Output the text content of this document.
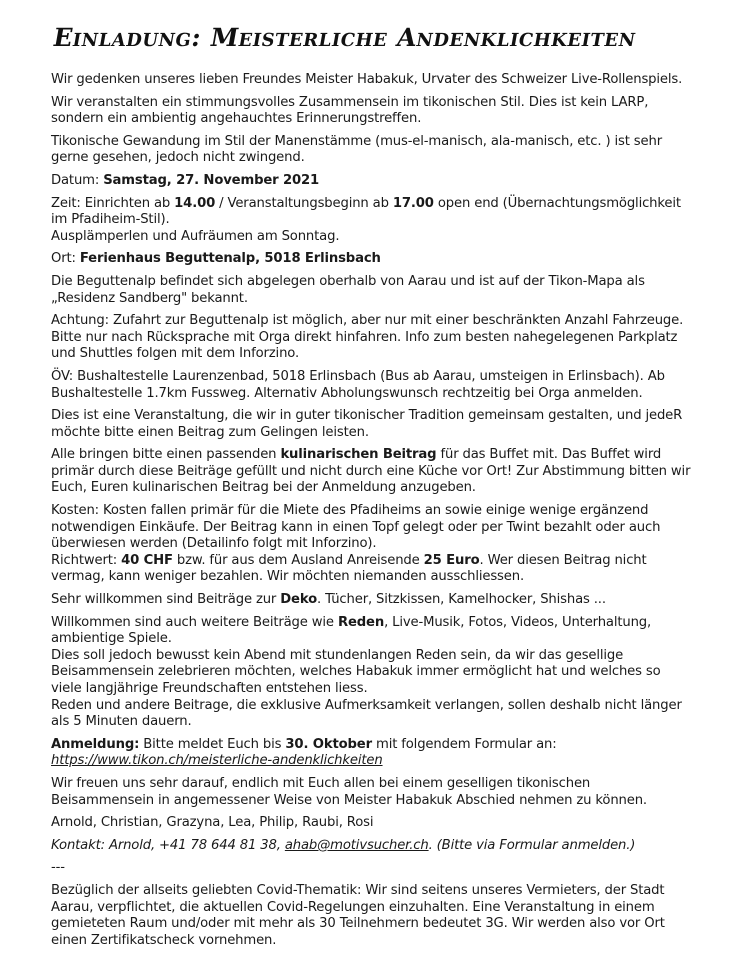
Einladung: Meisterliche Andenklichkeiten

Wir gedenken unseres lieben Freundes Meister Habakuk, Urvater des Schweizer Live-Rollenspiels.

Wir veranstalten ein stimmungsvolles Zusammensein im tikonischen Stil. Dies ist kein LARP, sondern ein ambientig angehauchtes Erinnerungstreffen.

Tikonische Gewandung im Stil der Manenstämme (mus-el-manisch, ala-manisch, etc. ) ist sehr gerne gesehen, jedoch nicht zwingend.

Datum: Samstag, 27. November 2021

Zeit: Einrichten ab 14.00 / Veranstaltungsbeginn ab 17.00 open end (Übernachtungsmöglichkeit im Pfadiheim-Stil).
Ausplämperlen und Aufräumen am Sonntag.

Ort: Ferienhaus Beguttenalp, 5018 Erlinsbach

Die Beguttenalp befindet sich abgelegen oberhalb von Aarau und ist auf der Tikon-Mapa als „Residenz Sandberg" bekannt.

Achtung: Zufahrt zur Beguttenalp ist möglich, aber nur mit einer beschränkten Anzahl Fahrzeuge. Bitte nur nach Rücksprache mit Orga direkt hinfahren. Info zum besten nahegelegenen Parkplatz und Shuttles folgen mit dem Inforzino.

ÖV: Bushaltestelle Laurenzenbad, 5018 Erlinsbach (Bus ab Aarau, umsteigen in Erlinsbach). Ab Bushaltestelle 1.7km Fussweg. Alternativ Abholungswunsch rechtzeitig bei Orga anmelden.

Dies ist eine Veranstaltung, die wir in guter tikonischer Tradition gemeinsam gestalten, und jedeR möchte bitte einen Beitrag zum Gelingen leisten.

Alle bringen bitte einen passenden kulinarischen Beitrag für das Buffet mit. Das Buffet wird primär durch diese Beiträge gefüllt und nicht durch eine Küche vor Ort! Zur Abstimmung bitten wir Euch, Euren kulinarischen Beitrag bei der Anmeldung anzugeben.

Kosten: Kosten fallen primär für die Miete des Pfadiheims an sowie einige wenige ergänzend notwendigen Einkäufe. Der Beitrag kann in einen Topf gelegt oder per Twint bezahlt oder auch überwiesen werden (Detailinfo folgt mit Inforzino).
Richtwert: 40 CHF bzw. für aus dem Ausland Anreisende 25 Euro. Wer diesen Beitrag nicht vermag, kann weniger bezahlen. Wir möchten niemanden ausschliessen.

Sehr willkommen sind Beiträge zur Deko. Tücher, Sitzkissen, Kamelhocker, Shishas ...

Willkommen sind auch weitere Beiträge wie Reden, Live-Musik, Fotos, Videos, Unterhaltung, ambientige Spiele.
Dies soll jedoch bewusst kein Abend mit stundenlangen Reden sein, da wir das gesellige Beisammensein zelebrieren möchten, welches Habakuk immer ermöglicht hat und welches so viele langjährige Freundschaften entstehen liess.
Reden und andere Beitrage, die exklusive Aufmerksamkeit verlangen, sollen deshalb nicht länger als 5 Minuten dauern.

Anmeldung: Bitte meldet Euch bis 30. Oktober mit folgendem Formular an: https://www.tikon.ch/meisterliche-andenklichkeiten

Wir freuen uns sehr darauf, endlich mit Euch allen bei einem geselligen tikonischen Beisammensein in angemessener Weise von Meister Habakuk Abschied nehmen zu können.

Arnold, Christian, Grazyna, Lea, Philip, Raubi, Rosi

Kontakt: Arnold, +41 78 644 81 38, ahab@motivsucher.ch. (Bitte via Formular anmelden.)

---

Bezüglich der allseits geliebten Covid-Thematik: Wir sind seitens unseres Vermieters, der Stadt Aarau, verpflichtet, die aktuellen Covid-Regelungen einzuhalten. Eine Veranstaltung in einem gemieteten Raum und/oder mit mehr als 30 Teilnehmern bedeutet 3G. Wir werden also vor Ort einen Zertifikatscheck vornehmen.
